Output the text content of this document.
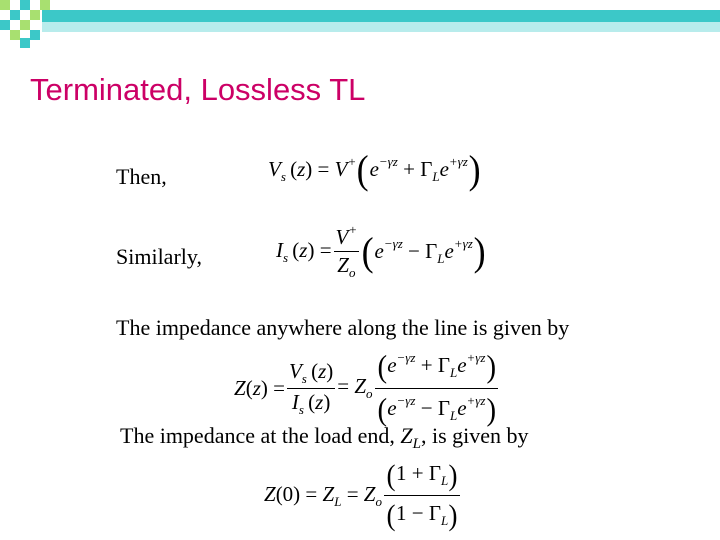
Terminated, Lossless TL
Then,	$V_s$ $(z) = V^+(e^{-\gamma z} + \Gamma_Le^{+\gamma z})$
Similarly,	$I_s$ $(z) = \frac{V^+}{Z_o} (e^{-\gamma z} - \Gamma_Le^{+\gamma z})$
The impedance anywhere along the line is given by
$Z(z) = \frac{V_s (z)}{I_s (z)} = Z_o \frac{(e^{-\gamma z} + \Gamma_Le^{+\gamma z})}{(e^{-\gamma z} - \Gamma_Le^{+\gamma z})}$
The impedance at the load end, $Z_L$, is given by
$Z(0) = Z_L = Z_o \frac{(1 + \Gamma_L)}{(1 - \Gamma_L)}$
